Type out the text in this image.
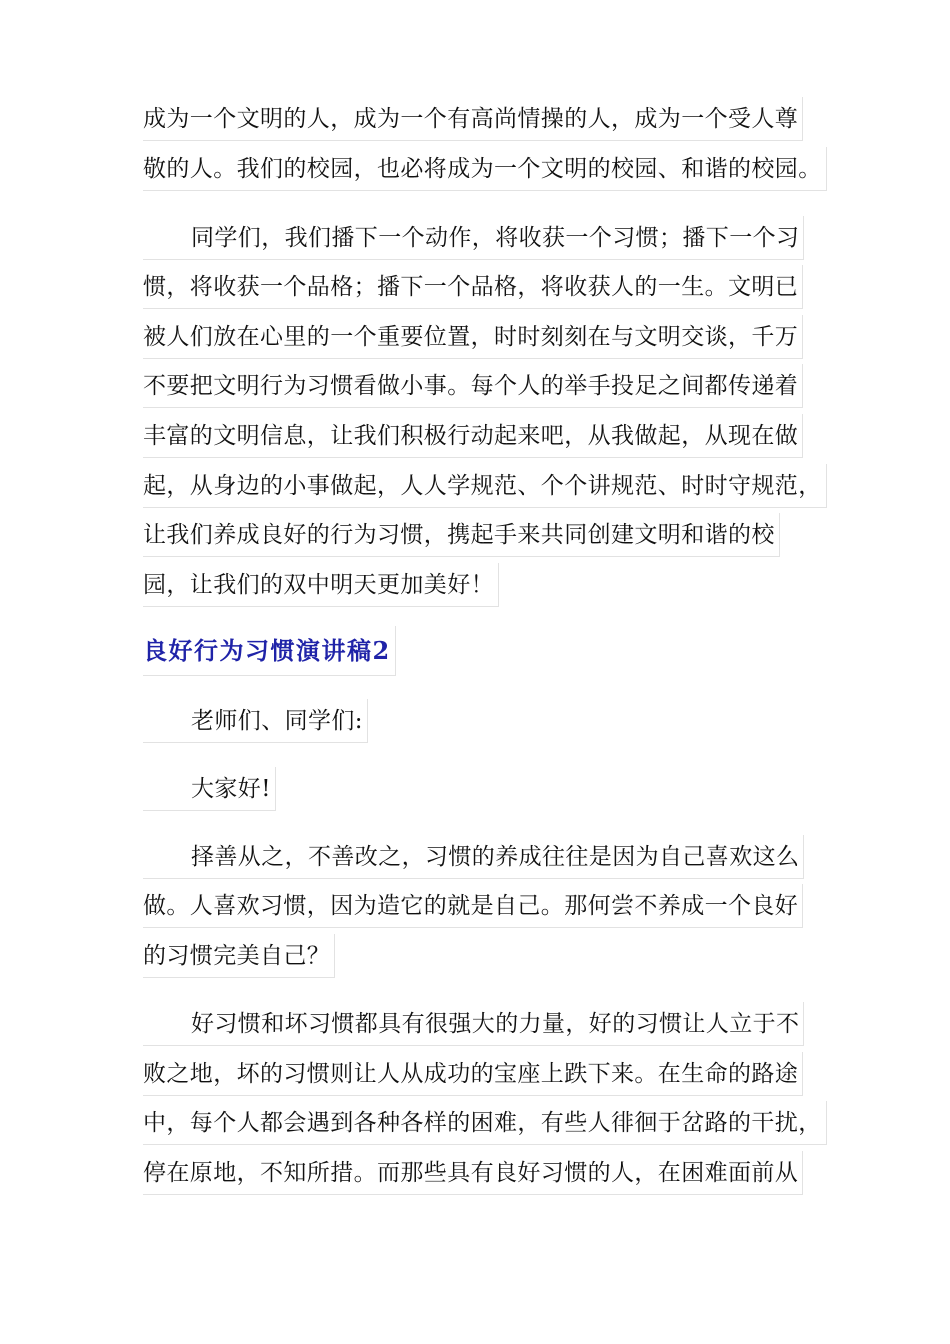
成为一个文明的人，成为一个有高尚情操的人，成为一个受人尊
敬的人。我们的校园，也必将成为一个文明的校园、和谐的校园。
同学们，我们播下一个动作，将收获一个习惯；播下一个习
惯，将收获一个品格；播下一个品格，将收获人的一生。文明已
被人们放在心里的一个重要位置，时时刻刻在与文明交谈，千万
不要把文明行为习惯看做小事。每个人的举手投足之间都传递着
丰富的文明信息，让我们积极行动起来吧，从我做起，从现在做
起，从身边的小事做起，人人学规范、个个讲规范、时时守规范，
让我们养成良好的行为习惯，携起手来共同创建文明和谐的校
园，让我们的双中明天更加美好！
良好行为习惯演讲稿2
老师们、同学们:
大家好!
择善从之，不善改之，习惯的养成往往是因为自己喜欢这么
做。人喜欢习惯，因为造它的就是自己。那何尝不养成一个良好
的习惯完美自己？
好习惯和坏习惯都具有很强大的力量，好的习惯让人立于不
败之地，坏的习惯则让人从成功的宝座上跌下来。在生命的路途
中，每个人都会遇到各种各样的困难，有些人徘徊于岔路的干扰，
停在原地，不知所措。而那些具有良好习惯的人，在困难面前从
